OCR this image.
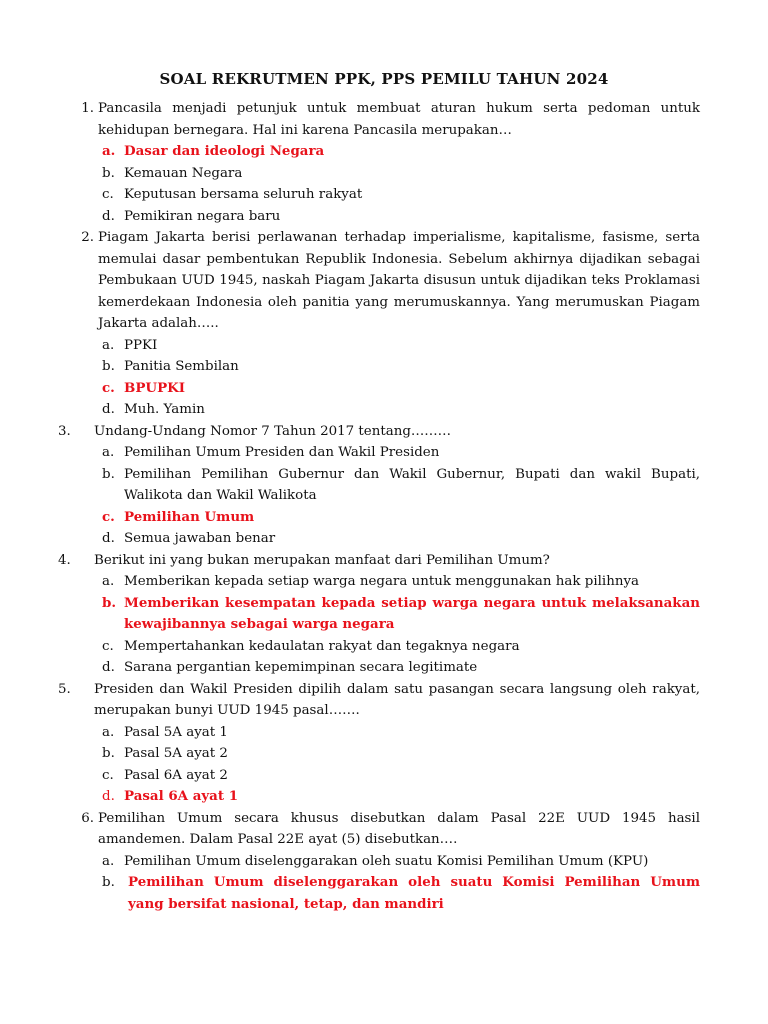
SOAL REKRUTMEN PPK, PPS PEMILU TAHUN 2024
1. Pancasila menjadi petunjuk untuk membuat aturan hukum serta pedoman untuk kehidupan bernegara. Hal ini karena Pancasila merupakan…
a. Dasar dan ideologi Negara
b. Kemauan Negara
c. Keputusan bersama seluruh rakyat
d. Pemikiran negara baru
2. Piagam Jakarta berisi perlawanan terhadap imperialisme, kapitalisme, fasisme, serta memulai dasar pembentukan Republik Indonesia. Sebelum akhirnya dijadikan sebagai Pembukaan UUD 1945, naskah Piagam Jakarta disusun untuk dijadikan teks Proklamasi kemerdekaan Indonesia oleh panitia yang merumuskannya. Yang merumuskan Piagam Jakarta adalah…..
a. PPKI
b. Panitia Sembilan
c. BPUPKI
d. Muh. Yamin
3.	Undang-Undang Nomor 7 Tahun 2017 tentang………
a. Pemilihan Umum Presiden dan Wakil Presiden
b. Pemilihan Pemilihan Gubernur dan Wakil Gubernur, Bupati dan wakil Bupati, Walikota dan Wakil Walikota
c. Pemilihan Umum
d. Semua jawaban benar
4.	Berikut ini yang bukan merupakan manfaat dari Pemilihan Umum?
a. Memberikan kepada setiap warga negara untuk menggunakan hak pilihnya
b. Memberikan kesempatan kepada setiap warga negara untuk melaksanakan kewajibannya sebagai warga negara
c. Mempertahankan kedaulatan rakyat dan tegaknya negara
d. Sarana pergantian kepemimpinan secara legitimate
5.	Presiden dan Wakil Presiden dipilih dalam satu pasangan secara langsung oleh rakyat, merupakan bunyi UUD 1945 pasal…….
a. Pasal 5A ayat 1
b. Pasal 5A ayat 2
c. Pasal 6A ayat 2
d. Pasal 6A ayat 1
6. Pemilihan Umum secara khusus disebutkan dalam Pasal 22E UUD 1945 hasil amandemen. Dalam Pasal 22E ayat (5) disebutkan….
a. Pemilihan Umum diselenggarakan oleh suatu Komisi Pemilihan Umum (KPU)
b. Pemilihan Umum diselenggarakan oleh suatu Komisi Pemilihan Umum yang bersifat nasional, tetap, dan mandiri
